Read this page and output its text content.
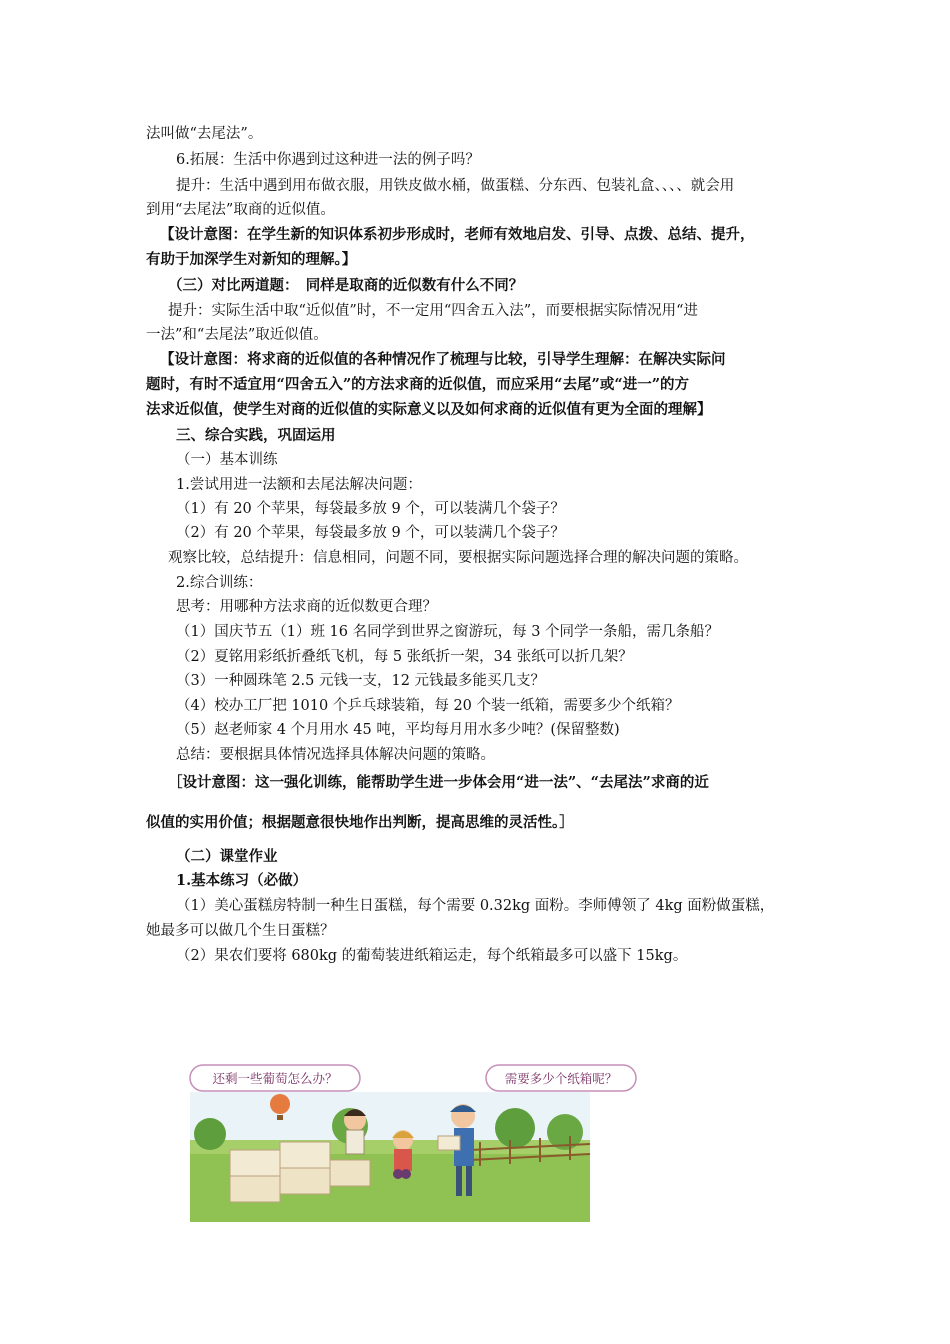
法叫做“去尾法”。
6.拓展：生活中你遇到过这种进一法的例子吗？
提升：生活中遇到用布做衣服，用铁皮做水桶，做蛋糕、分东西、包装礼盒、、、、就会用
到用“去尾法”取商的近似值。
【设计意图：在学生新的知识体系初步形成时，老师有效地启发、引导、点拨、总结、提升，
有助于加深学生对新知的理解。】
（三）对比两道题：　同样是取商的近似数有什么不同？
提升：实际生活中取“近似值”时，不一定用“四舍五入法”，而要根据实际情况用“进
一法”和“去尾法”取近似值。
【设计意图：将求商的近似值的各种情况作了梳理与比较，引导学生理解：在解决实际问
题时，有时不适宜用“四舍五入”的方法求商的近似值，而应采用“去尾”或“进一”的方
法求近似值，使学生对商的近似值的实际意义以及如何求商的近似值有更为全面的理解】
三、综合实践，巩固运用
（一）基本训练
1.尝试用进一法额和去尾法解决问题：
（1）有 20 个苹果，每袋最多放 9 个，可以装满几个袋子？
（2）有 20 个苹果，每袋最多放 9 个，可以装满几个袋子？
观察比较，总结提升：信息相同，问题不同，要根据实际问题选择合理的解决问题的策略。
2.综合训练：
思考：用哪种方法求商的近似数更合理？
（1）国庆节五（1）班 16 名同学到世界之窗游玩，每 3 个同学一条船，需几条船？
（2）夏铭用彩纸折叠纸飞机，每 5 张纸折一架，34 张纸可以折几架？
（3）一种圆珠笔 2.5 元钱一支，12 元钱最多能买几支？
（4）校办工厂把 1010 个乒乓球装箱，每 20 个装一纸箱，需要多少个纸箱？
（5）赵老师家 4 个月用水 45 吨，平均每月用水多少吨？(保留整数)
总结：要根据具体情况选择具体解决问题的策略。
［设计意图：这一强化训练，能帮助学生进一步体会用“进一法”、“去尾法”求商的近
似值的实用价值；根据题意很快地作出判断，提高思维的灵活性。］
（二）课堂作业
1.基本练习（必做）
（1）美心蛋糕房特制一种生日蛋糕，每个需要 0.32kg 面粉。李师傅领了 4kg 面粉做蛋糕，
她最多可以做几个生日蛋糕？
（2）果农们要将 680kg 的葡萄装进纸箱运走，每个纸箱最多可以盛下 15kg。
还剩一些葡萄怎么办？	需要多少个纸箱呢？
